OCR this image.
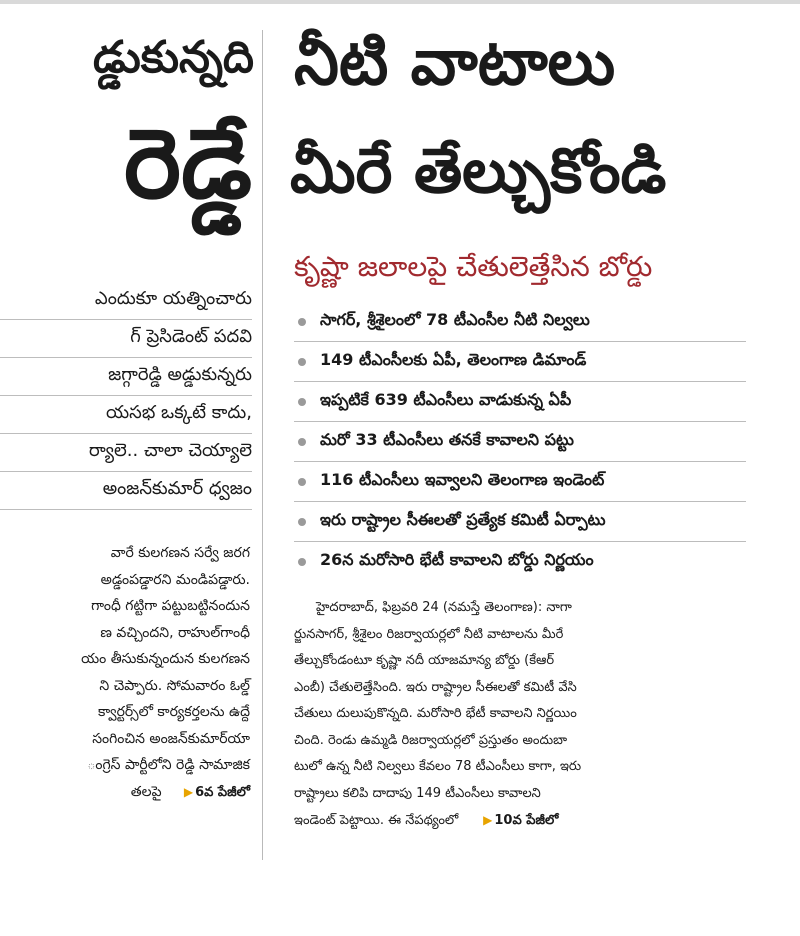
డ్డుకున్నది
రెడ్డే
ఎందుకూ యత్నించారు
గ్ ప్రెసిడెంట్ పదవి
జగ్గారెడ్డి అడ్డుకున్నరు
యసభ ఒక్కటే కాదు,
ర్యాలె.. చాలా చెయ్యాలె
అంజన్‌కుమార్ ధ్వజం
వారే కులగణన సర్వే జరగ
అడ్డంపడ్డారని మండిపడ్డారు.
గాంధీ గట్టిగా పట్టుబట్టినందున
ణ వచ్చిందని, రాహుల్‌గాంధీ
యం తీసుకున్నందున కులగణన
ని చెప్పారు. సోమవారం ఓల్డ్
క్వార్టర్స్‌లో కార్యకర్తలను ఉద్దే
సంగించిన అంజన్‌కుమార్‌యా
ంగ్రెస్ పార్టీలోని రెడ్డి సామాజిక
తలపై ▶ 6వ పేజీలో
నీటి వాటాలు
మీరే తేల్చుకోండి
కృష్ణా జలాలపై చేతులెత్తేసిన బోర్డు
సాగర్, శ్రీశైలంలో 78 టీఎంసీల నీటి నిల్వలు
149 టీఎంసీలకు ఏపీ, తెలంగాణ డిమాండ్
ఇప్పటికే 639 టీఎంసీలు వాడుకున్న ఏపీ
మరో 33 టీఎంసీలు తనకే కావాలని పట్టు
116 టీఎంసీలు ఇవ్వాలని తెలంగాణ ఇండెంట్
ఇరు రాష్ట్రాల సీఈలతో ప్రత్యేక కమిటీ ఏర్పాటు
26న మరోసారి భేటీ కావాలని బోర్డు నిర్ణయం
హైదరాబాద్, ఫిబ్రవరి 24 (నమస్తే తెలంగాణ): నాగా
ర్జునసాగర్, శ్రీశైలం రిజర్వాయర్లలో నీటి వాటాలను మీరే
తేల్చుకోండంటూ కృష్ణా నదీ యాజమాన్య బోర్డు (కేఆర్
ఎంబీ) చేతులెత్తేసింది. ఇరు రాష్ట్రాల సీఈలతో కమిటీ వేసి
చేతులు దులుపుకొన్నది. మరోసారి భేటీ కావాలని నిర్ణయిం
చింది. రెండు ఉమ్మడి రిజర్వాయర్లలో ప్రస్తుతం అందుబా
టులో ఉన్న నీటి నిల్వలు కేవలం 78 టీఎంసీలు కాగా, ఇరు
రాష్ట్రాలు కలిపి దాదాపు 149 టీఎంసీలు కావాలని
ఇండెంట్ పెట్టాయి. ఈ నేపథ్యంలో ▶ 10వ పేజీలో
